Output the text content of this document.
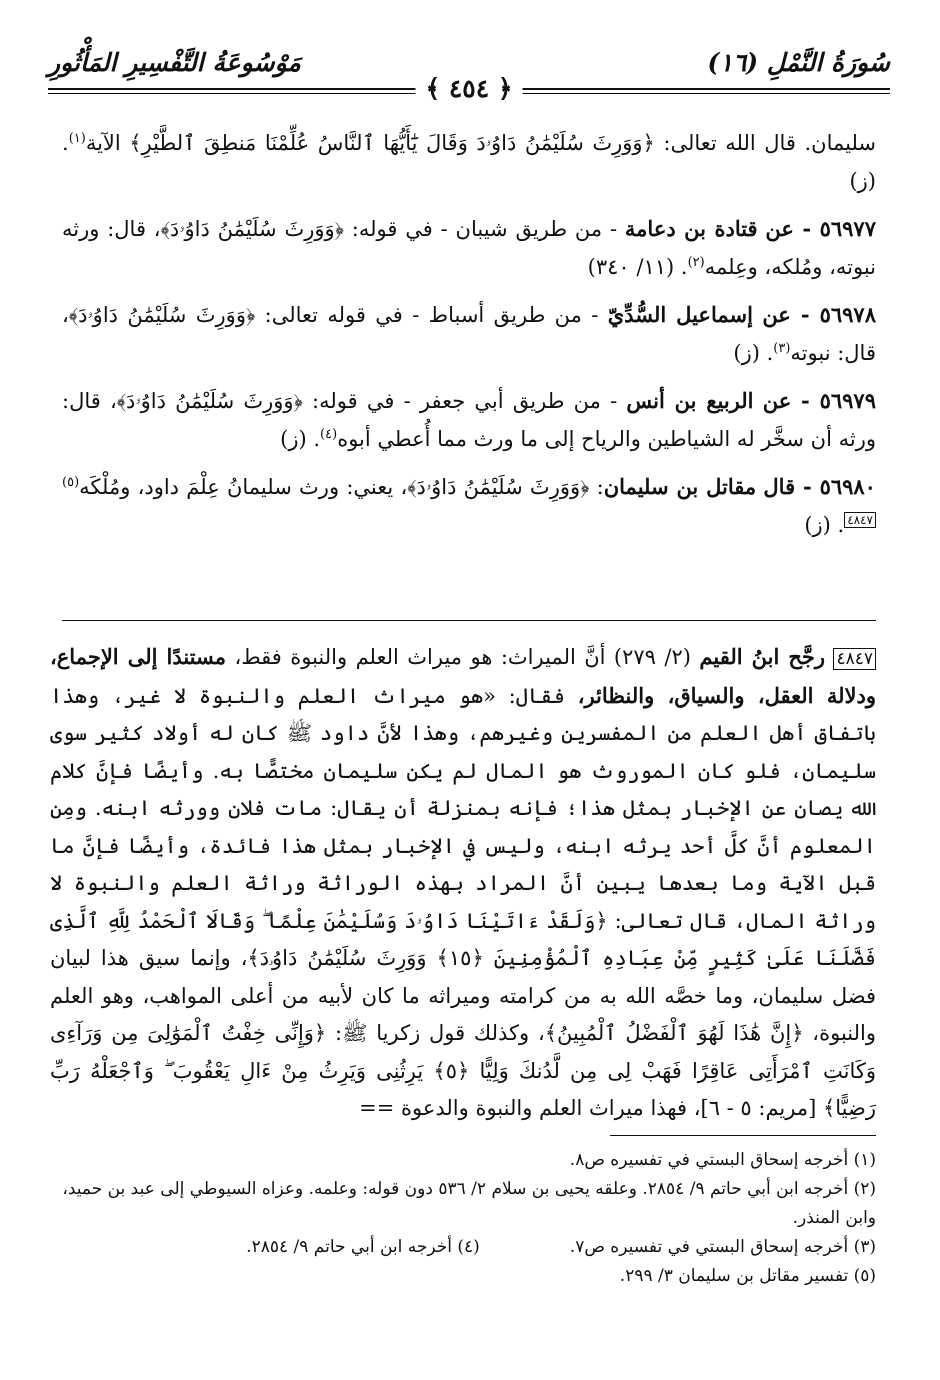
سُورَةُ النَّمْلِ (١٦)
مَوْسُوعَةُ التَّفْسِيرِ المَأْثُورِ
﴿ ٤٥٤ ﴾

سليمان. قال الله تعالى: ﴿وَوَرِثَ سُلَيْمَٰنُ دَاوُۥدَ وَقَالَ يَٰٓأَيُّهَا ٱلنَّاسُ عُلِّمْنَا مَنطِقَ ٱلطَّيْرِ﴾ الآية$^{(١)}$. (ز)

٥٦٩٧٧ - عن قتادة بن دعامة - من طريق شيبان - في قوله: ﴿وَوَرِثَ سُلَيْمَٰنُ دَاوُۥدَ﴾، قال: ورثه نبوته، ومُلكه، وعِلمه$^{(٢)}$. (١١/ ٣٤٠)

٥٦٩٧٨ - عن إسماعيل السُّدِّيّ - من طريق أسباط - في قوله تعالى: ﴿وَوَرِثَ سُلَيْمَٰنُ دَاوُۥدَ﴾، قال: نبوته$^{(٣)}$. (ز)

٥٦٩٧٩ - عن الربيع بن أنس - من طريق أبي جعفر - في قوله: ﴿وَوَرِثَ سُلَيْمَٰنُ دَاوُۥدَ﴾، قال: ورثه أن سخَّر له الشياطين والرياح إلى ما ورث مما أُعطي أبوه$^{(٤)}$. (ز)

٥٦٩٨٠ - قال مقاتل بن سليمان: ﴿وَوَرِثَ سُلَيْمَٰنُ دَاوُۥدَ﴾، يعني: ورث سليمانُ عِلْمَ داود، ومُلْكَه$^{(٥)}$٤٨٤٧. (ز)

٤٨٤٧ رجَّح ابنُ القيم (٢/ ٢٧٩) أنَّ الميراث: هو ميراث العلم والنبوة فقط، مستندًا إلى الإجماع، ودلالة العقل، والسياق، والنظائر، فقال: «هو ميراث العلم والنبوة لا غير، وهذا باتفاق أهل العلم من المفسرين وغيرهم، وهذا لأنَّ داود ﷺ كان له أولاد كثير سوى سليمان، فلو كان الموروث هو المال لم يكن سليمان مختصًّا به. وأيضًا فإنَّ كلام الله يصان عن الإخبار بمثل هذا؛ فإنه بمنزلة أن يقال: مات فلان وورثه ابنه. ومِن المعلوم أنَّ كلَّ أحد يرثه ابنه، وليس في الإخبار بمثل هذا فائدة، وأيضًا فإنَّ ما قبل الآية وما بعدها يبين أنَّ المراد بهذه الوراثة وراثة العلم والنبوة لا وراثة المال، قال تعالى: ﴿وَلَقَدْ ءَاتَيْنَا دَاوُۥدَ وَسُلَيْمَٰنَ عِلْمًا ۖ وَقَالَا ٱلْحَمْدُ لِلَّهِ ٱلَّذِى فَضَّلَنَا عَلَىٰ كَثِيرٍ مِّنْ عِبَادِهِ ٱلْمُؤْمِنِينَ ﴿١٥﴾ وَوَرِثَ سُلَيْمَٰنُ دَاوُۥدَ﴾، وإنما سيق هذا لبيان فضل سليمان، وما خصَّه الله به من كرامته وميراثه ما كان لأبيه من أعلى المواهب، وهو العلم والنبوة، ﴿إِنَّ هَٰذَا لَهُوَ ٱلْفَضْلُ ٱلْمُبِينُ﴾، وكذلك قول زكريا ﷺ: ﴿وَإِنِّى خِفْتُ ٱلْمَوَٰلِىَ مِن وَرَآءِى وَكَانَتِ ٱمْرَأَتِى عَاقِرًا فَهَبْ لِى مِن لَّدُنكَ وَلِيًّا ﴿٥﴾ يَرِثُنِى وَيَرِثُ مِنْ ءَالِ يَعْقُوبَ ۖ وَٱجْعَلْهُ رَبِّ رَضِيًّا﴾ [مريم: ٥ - ٦]، فهذا ميراث العلم والنبوة والدعوة ==

(١) أخرجه إسحاق البستي في تفسيره ص٨.

(٢) أخرجه ابن أبي حاتم ٩/ ٢٨٥٤. وعلقه يحيى بن سلام ٢/ ٥٣٦ دون قوله: وعلمه. وعزاه السيوطي إلى عبد بن حميد، وابن المنذر.

(٣) أخرجه إسحاق البستي في تفسيره ص٧.

(٤) أخرجه ابن أبي حاتم ٩/ ٢٨٥٤.

(٥) تفسير مقاتل بن سليمان ٣/ ٢٩٩.
